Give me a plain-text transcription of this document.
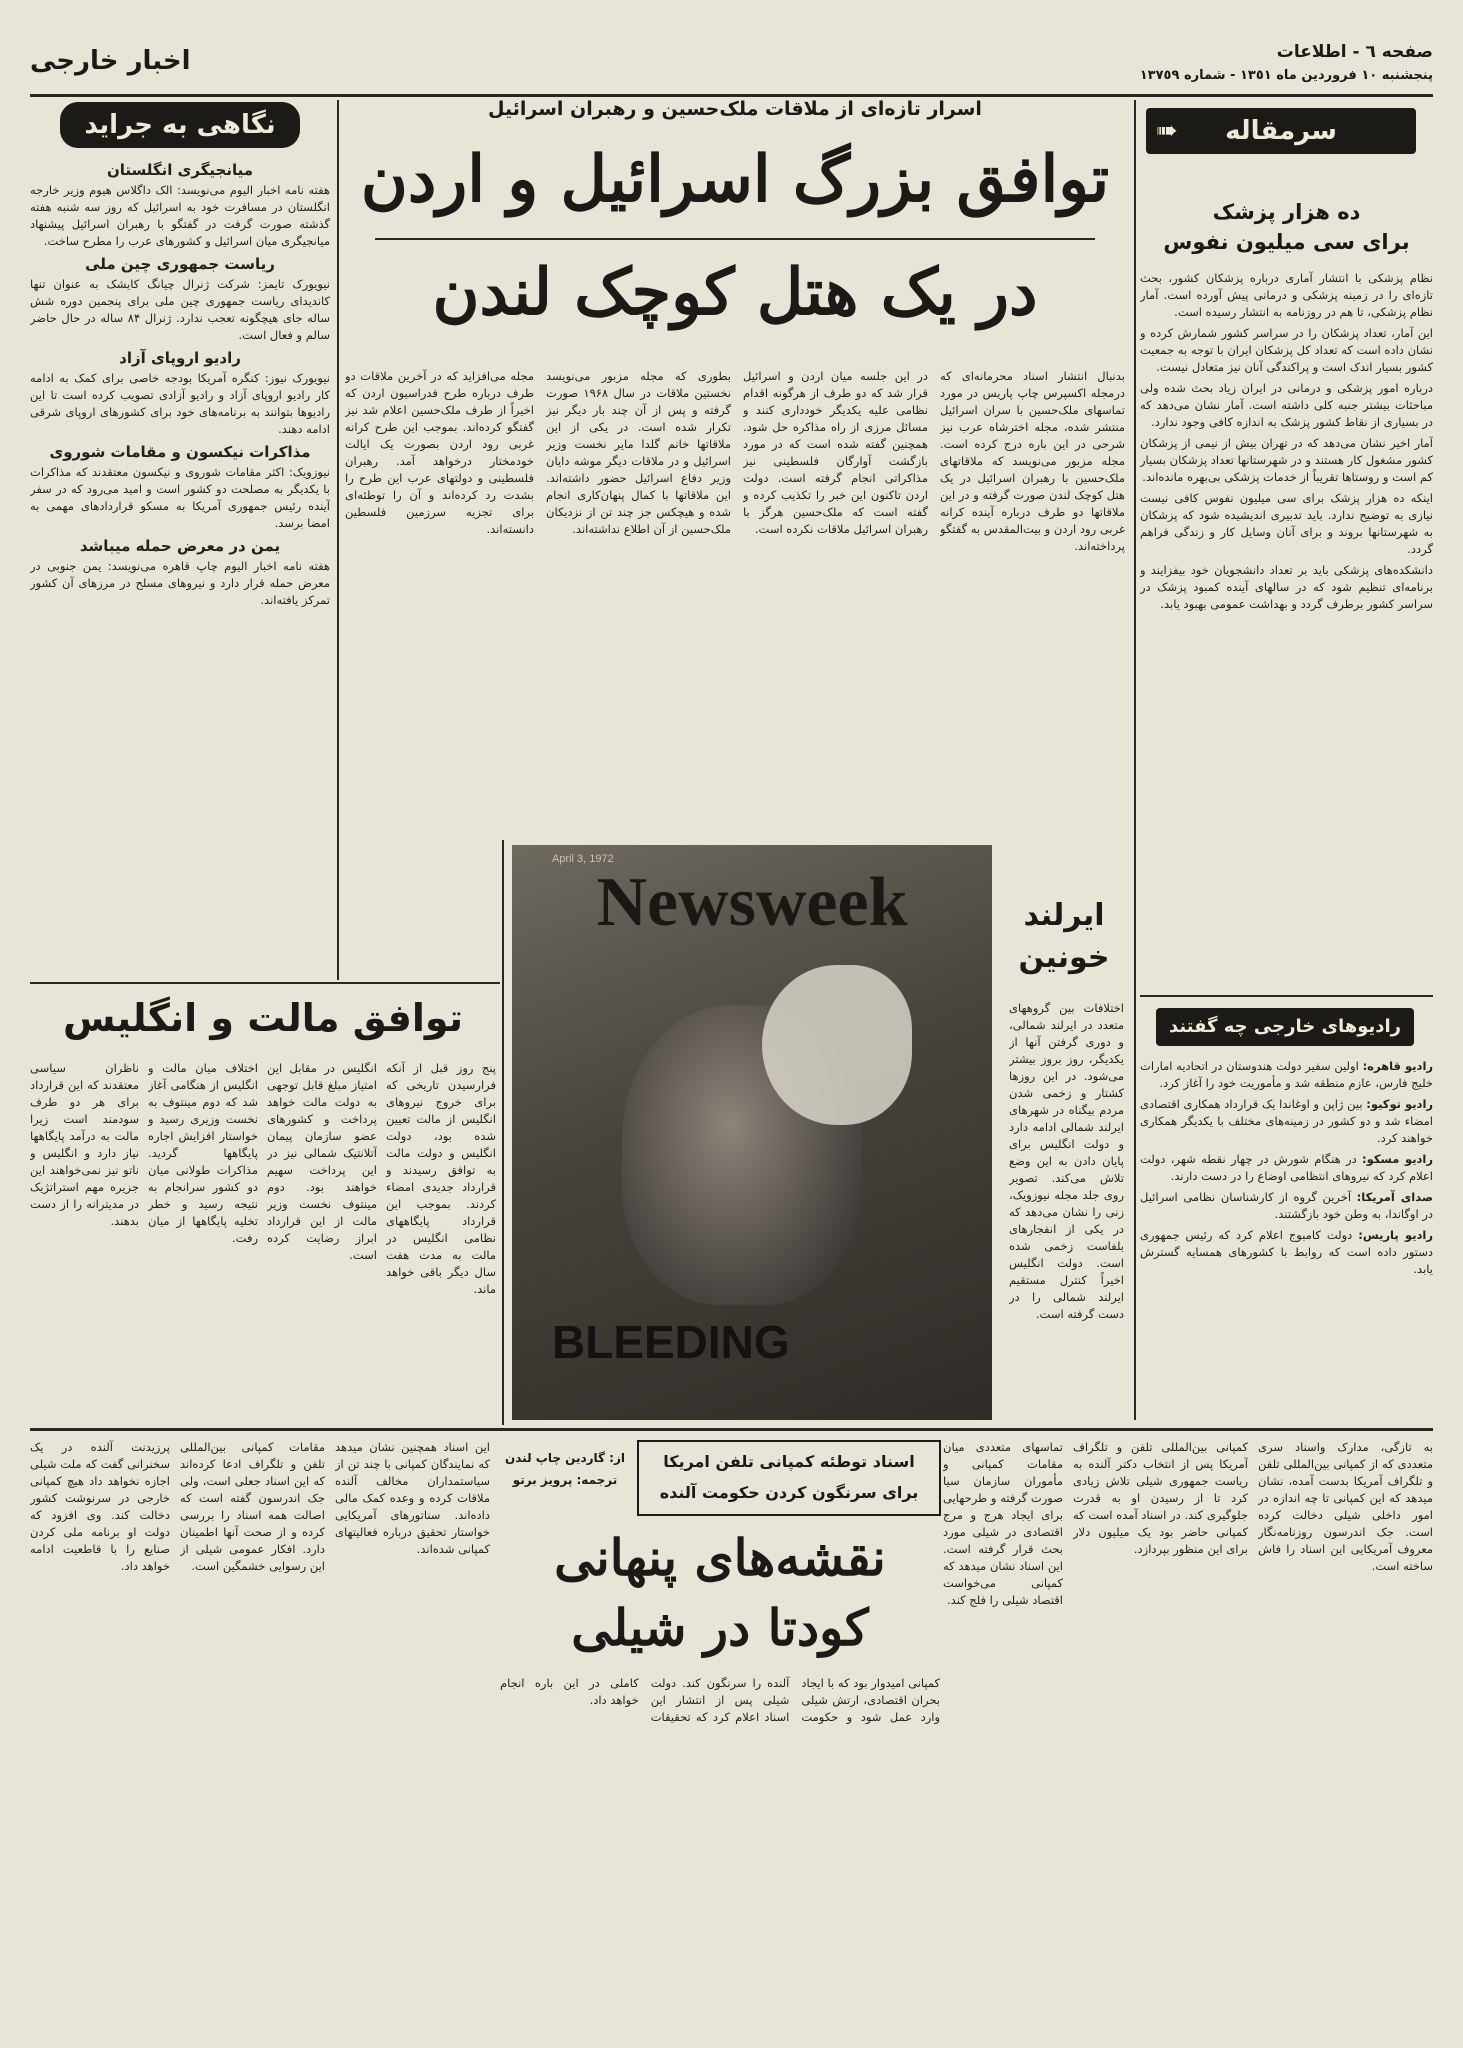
اخبار خارجی	صفحه ٦ - اطلاعات
پنجشنبه ١٠ فروردین ماه ١٣٥١ - شماره ١٣٧٥٩
سرمقاله
➠
ده هزار پزشک
برای سی میلیون نفوس

نظام پزشکی با انتشار آماری درباره پزشکان کشور، بحث تازه‌ای را در زمینه پزشکی و درمانی پیش آورده است. آمار نظام پزشکی، تا هم در روزنامه به انتشار رسیده است.

این آمار، تعداد پزشکان را در سراسر کشور شمارش کرده و نشان داده است که تعداد کل پزشکان ایران با توجه به جمعیت کشور بسیار اندک است و پراکندگی آنان نیز متعادل نیست.

درباره امور پزشکی و درمانی در ایران زیاد بحث شده ولی مباحثات بیشتر جنبه کلی داشته است. آمار نشان می‌دهد که در بسیاری از نقاط کشور پزشک به اندازه کافی وجود ندارد.

آمار اخیر نشان می‌دهد که در تهران بیش از نیمی از پزشکان کشور مشغول کار هستند و در شهرستانها تعداد پزشکان بسیار کم است و روستاها تقریباً از خدمات پزشکی بی‌بهره مانده‌اند.

اینکه ده هزار پزشک برای سی میلیون نفوس کافی نیست نیازی به توضیح ندارد. باید تدبیری اندیشیده شود که پزشکان به شهرستانها بروند و برای آنان وسایل کار و زندگی فراهم گردد.

دانشکده‌های پزشکی باید بر تعداد دانشجویان خود بیفزایند و برنامه‌ای تنظیم شود که در سالهای آینده کمبود پزشک در سراسر کشور برطرف گردد و بهداشت عمومی بهبود یابد.

رادیوهای خارجی چه گفتند

رادیو قاهره: اولین سفیر دولت هندوستان در اتحادیه امارات خلیج فارس، عازم منطقه شد و مأموریت خود را آغاز کرد.

رادیو توکیو: بین ژاپن و اوغاندا یک قرارداد همکاری اقتصادی امضاء شد و دو کشور در زمینه‌های مختلف با یکدیگر همکاری خواهند کرد.

رادیو مسکو: در هنگام شورش در چهار نقطه شهر، دولت اعلام کرد که نیروهای انتظامی اوضاع را در دست دارند.

صدای آمریکا: آخرین گروه از کارشناسان نظامی اسرائیل در اوگاندا، به وطن خود بازگشتند.

رادیو پاریس: دولت کامبوج اعلام کرد که رئیس جمهوری دستور داده است که روابط با کشورهای همسایه گسترش یابد.

اسرار تازه‌ای از ملاقات ملک‌حسین و رهبران اسرائیل
توافق بزرگ اسرائیل و اردن
در یک هتل کوچک لندن
بدنبال انتشار اسناد محرمانه‌ای که درمجله اکسپرس چاپ پاریس در مورد تماسهای ملک‌حسین با سران اسرائیل منتشر شده، مجله اخترشاه عرب نیز شرحی در این باره درج کرده است. مجله مزبور می‌نویسد که ملاقاتهای ملک‌حسین با رهبران اسرائیل در یک هتل کوچک لندن صورت گرفته و در این ملاقاتها دو طرف درباره آینده کرانه غربی رود اردن و بیت‌المقدس به گفتگو پرداخته‌اند.
در این جلسه میان اردن و اسرائیل قرار شد که دو طرف از هرگونه اقدام نظامی علیه یکدیگر خودداری کنند و مسائل مرزی از راه مذاکره حل شود. همچنین گفته شده است که در مورد بازگشت آوارگان فلسطینی نیز مذاکراتی انجام گرفته است. دولت اردن تاکنون این خبر را تکذیب کرده و گفته است که ملک‌حسین هرگز با رهبران اسرائیل ملاقات نکرده است.
بطوری که مجله مزبور می‌نویسد نخستین ملاقات در سال ۱۹۶۸ صورت گرفته و پس از آن چند بار دیگر نیز تکرار شده است. در یکی از این ملاقاتها خانم گلدا مایر نخست وزیر اسرائیل و در ملاقات دیگر موشه دایان وزیر دفاع اسرائیل حضور داشته‌اند. این ملاقاتها با کمال پنهان‌کاری انجام شده و هیچکس جز چند تن از نزدیکان ملک‌حسین از آن اطلاع نداشته‌اند.
مجله می‌افزاید که در آخرین ملاقات دو طرف درباره طرح فدراسیون اردن که اخیراً از طرف ملک‌حسین اعلام شد نیز گفتگو کرده‌اند. بموجب این طرح کرانه غربی رود اردن بصورت یک ایالت خودمختار درخواهد آمد. رهبران فلسطینی و دولتهای عرب این طرح را بشدت رد کرده‌اند و آن را توطئه‌ای برای تجزیه سرزمین فلسطین دانسته‌اند.
نگاهی به جراید
میانجیگری انگلستان

هفته نامه اخبار الیوم می‌نویسد: الک داگلاس هیوم وزیر خارجه انگلستان در مسافرت خود به اسرائیل که روز سه شنبه هفته گذشته صورت گرفت در گفتگو با رهبران اسرائیل پیشنهاد میانجیگری میان اسرائیل و کشورهای عرب را مطرح ساخت.

ریاست جمهوری چین ملی

نیویورک تایمز: شرکت ژنرال چیانگ کایشک به عنوان تنها کاندیدای ریاست جمهوری چین ملی برای پنجمین دوره شش ساله جای هیچگونه تعجب ندارد. ژنرال ۸۴ ساله در حال حاضر سالم و فعال است.

رادیو اروپای آزاد

نیویورک نیوز: کنگره آمریکا بودجه خاصی برای کمک به ادامه کار رادیو اروپای آزاد و رادیو آزادی تصویب کرده است تا این رادیوها بتوانند به برنامه‌های خود برای کشورهای اروپای شرقی ادامه دهند.

مذاکرات نیکسون و مقامات شوروی

نیوزویک: اکثر مقامات شوروی و نیکسون معتقدند که مذاکرات با یکدیگر به مصلحت دو کشور است و امید می‌رود که در سفر آینده رئیس جمهوری آمریکا به مسکو قراردادهای مهمی به امضا برسد.

یمن در معرض حمله میباشد

هفته نامه اخبار الیوم چاپ قاهره می‌نویسد: یمن جنوبی در معرض حمله قرار دارد و نیروهای مسلح در مرزهای آن کشور تمرکز یافته‌اند.

ایرلند خونین
اختلافات بین گروههای متعدد در ایرلند شمالی، و دوری گرفتن آنها از یکدیگر، روز بروز بیشتر می‌شود. در این روزها کشتار و زخمی شدن مردم بیگناه در شهرهای ایرلند شمالی ادامه دارد و دولت انگلیس برای پایان دادن به این وضع تلاش می‌کند. تصویر روی جلد مجله نیوزویک، زنی را نشان می‌دهد که در یکی از انفجارهای بلفاست زخمی شده است. دولت انگلیس اخیراً کنترل مستقیم ایرلند شمالی را در دست گرفته است.
April 3, 1972
Newsweek
BLEEDING
توافق مالت و انگلیس
پنج روز قبل از آنکه فرارسیدن تاریخی که برای خروج نیروهای انگلیس از مالت تعیین شده بود، دولت انگلیس و دولت مالت به توافق رسیدند و قرارداد جدیدی امضاء کردند. بموجب این قرارداد پایگاههای نظامی انگلیس در مالت به مدت هفت سال دیگر باقی خواهد ماند.
انگلیس در مقابل این امتیاز مبلغ قابل توجهی به دولت مالت خواهد پرداخت و کشورهای عضو سازمان پیمان آتلانتیک شمالی نیز در این پرداخت سهیم خواهند بود. دوم مینتوف نخست وزیر مالت از این قرارداد ابراز رضایت کرده است.
اختلاف میان مالت و انگلیس از هنگامی آغاز شد که دوم مینتوف به نخست وزیری رسید و خواستار افزایش اجاره پایگاهها گردید. مذاکرات طولانی میان دو کشور سرانجام به نتیجه رسید و خطر تخلیه پایگاهها از میان رفت.
ناظران سیاسی معتقدند که این قرارداد برای هر دو طرف سودمند است زیرا مالت به درآمد پایگاهها نیاز دارد و انگلیس و ناتو نیز نمی‌خواهند این جزیره مهم استراتژیک در مدیترانه را از دست بدهند.
اسناد توطئه کمپانی تلفن امریکا
برای سرنگون کردن حکومت آلنده
از: گاردین چاپ لندن
ترجمه: پرویز برتو
نقشه‌های پنهانی
کودتا در شیلی
به تازگی، مدارک واسناد سری متعددی که از کمپانی بین‌المللی تلفن و تلگراف آمریکا بدست آمده، نشان میدهد که این کمپانی تا چه اندازه در امور داخلی شیلی دخالت کرده است. جک اندرسون روزنامه‌نگار معروف آمریکایی این اسناد را فاش ساخته است.
کمپانی بین‌المللی تلفن و تلگراف آمریکا پس از انتخاب دکتر آلنده به ریاست جمهوری شیلی تلاش زیادی کرد تا از رسیدن او به قدرت جلوگیری کند. در اسناد آمده است که کمپانی حاضر بود یک میلیون دلار برای این منظور بپردازد.
تماسهای متعددی میان مقامات کمپانی و مأموران سازمان سیا صورت گرفته و طرحهایی برای ایجاد هرج و مرج اقتصادی در شیلی مورد بحث قرار گرفته است. این اسناد نشان میدهد که کمپانی می‌خواست اقتصاد شیلی را فلج کند.
کمپانی امیدوار بود که با ایجاد بحران اقتصادی، ارتش شیلی وارد عمل شود و حکومت آلنده را سرنگون کند. دولت شیلی پس از انتشار این اسناد اعلام کرد که تحقیقات کاملی در این باره انجام خواهد داد.
این اسناد همچنین نشان میدهد که نمایندگان کمپانی با چند تن از سیاستمداران مخالف آلنده ملاقات کرده و وعده کمک مالی داده‌اند. سناتورهای آمریکایی خواستار تحقیق درباره فعالیتهای کمپانی شده‌اند.
مقامات کمپانی بین‌المللی تلفن و تلگراف ادعا کرده‌اند که این اسناد جعلی است، ولی جک اندرسون گفته است که اصالت همه اسناد را بررسی کرده و از صحت آنها اطمینان دارد. افکار عمومی شیلی از این رسوایی خشمگین است.
پرزیدنت آلنده در یک سخنرانی گفت که ملت شیلی اجازه نخواهد داد هیچ کمپانی خارجی در سرنوشت کشور دخالت کند. وی افزود که دولت او برنامه ملی کردن صنایع را با قاطعیت ادامه خواهد داد.
